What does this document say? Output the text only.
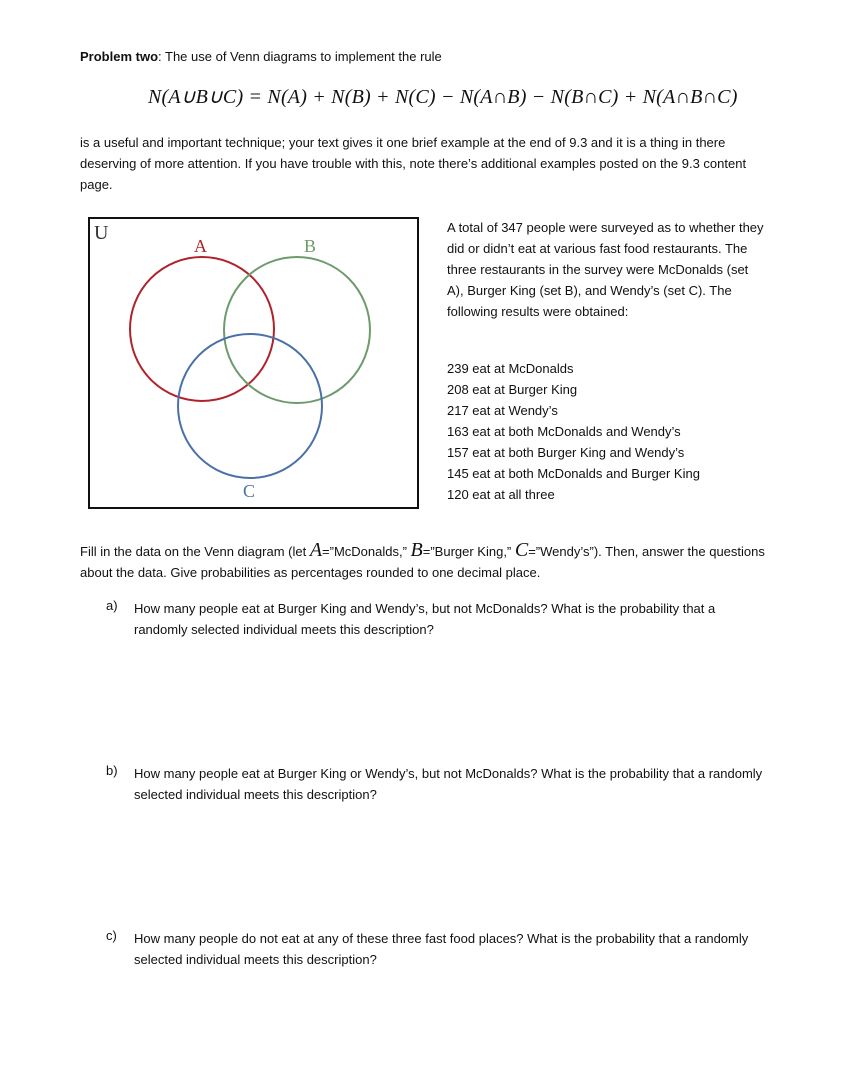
Problem two: The use of Venn diagrams to implement the rule

N(A∪B∪C) = N(A) + N(B) + N(C) − N(A∩B) − N(B∩C) + N(A∩B∩C)

is a useful and important technique; your text gives it one brief example at the end of 9.3 and it is a thing in there deserving of more attention. If you have trouble with this, note there’s additional examples posted on the 9.3 content page.

U
A	B
C

A total of 347 people were surveyed as to whether they did or didn’t eat at various fast food restaurants. The three restaurants in the survey were McDonalds (set A), Burger King (set B), and Wendy’s (set C). The following results were obtained:

239 eat at McDonalds
208 eat at Burger King
217 eat at Wendy’s
163 eat at both McDonalds and Wendy’s
157 eat at both Burger King and Wendy’s
145 eat at both McDonalds and Burger King
120 eat at all three

Fill in the data on the Venn diagram (let A=”McDonalds,” B=”Burger King,” C=”Wendy’s”). Then, answer the questions about the data. Give probabilities as percentages rounded to one decimal place.

a) How many people eat at Burger King and Wendy’s, but not McDonalds? What is the probability that a randomly selected individual meets this description?

b) How many people eat at Burger King or Wendy’s, but not McDonalds? What is the probability that a randomly selected individual meets this description?

c) How many people do not eat at any of these three fast food places? What is the probability that a randomly selected individual meets this description?
